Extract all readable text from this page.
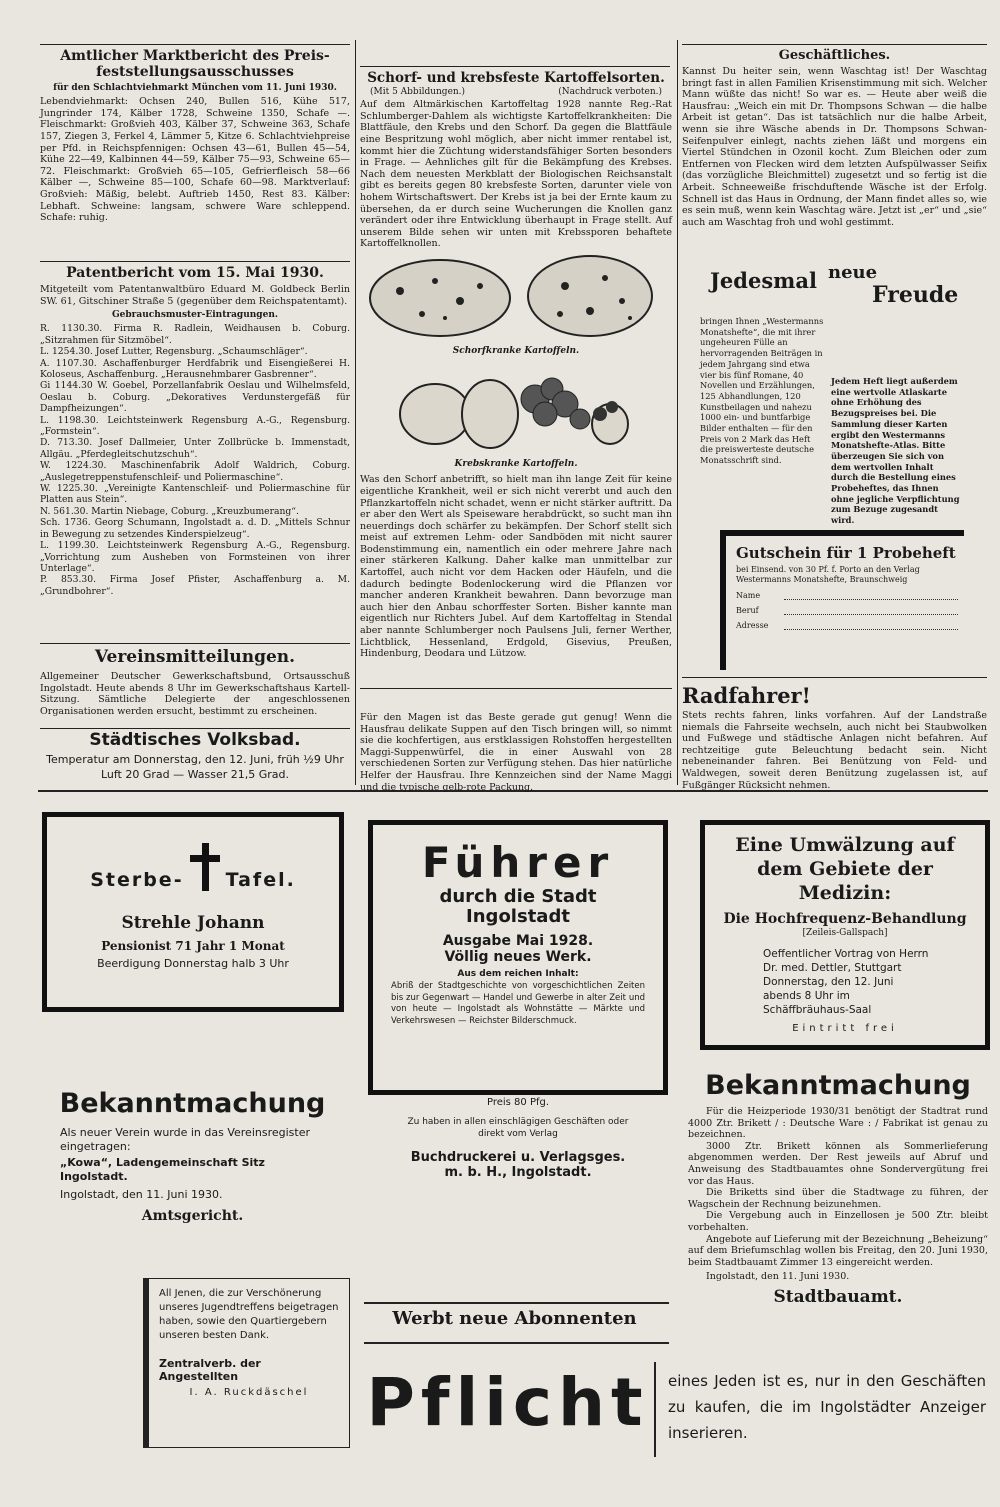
Amtlicher Marktbericht des Preis-
feststellungsausschusses
für den Schlachtviehmarkt München vom 11. Juni 1930.
Lebendviehmarkt: Ochsen 240, Bullen 516, Kühe 517, Jungrinder 174, Kälber 1728, Schweine 1350, Schafe —. Fleischmarkt: Großvieh 403, Kälber 37, Schweine 363, Schafe 157, Ziegen 3, Ferkel 4, Lämmer 5, Kitze 6. Schlachtviehpreise per Pfd. in Reichspfennigen: Ochsen 43—61, Bullen 45—54, Kühe 22—49, Kalbinnen 44—59, Kälber 75—93, Schweine 65—72. Fleischmarkt: Großvieh 65—105, Gefrierfleisch 58—66 Kälber —, Schweine 85—100, Schafe 60—98. Marktverlauf: Großvieh: Mäßig, belebt. Auftrieb 1450, Rest 83. Kälber: Lebhaft. Schweine: langsam, schwere Ware schleppend. Schafe: ruhig.
Patentbericht vom 15. Mai 1930.
Mitgeteilt vom Patentanwaltbüro Eduard M. Goldbeck Berlin SW. 61, Gitschiner Straße 5 (gegenüber dem Reichspatentamt).
Gebrauchsmuster-Eintragungen.
R. 1130.30. Firma R. Radlein, Weidhausen b. Coburg. „Sitzrahmen für Sitzmöbel“.
L. 1254.30. Josef Lutter, Regensburg. „Schaumschläger“.
A. 1107.30. Aschaffenburger Herdfabrik und Eisengießerei H. Koloseus, Aschaffenburg. „Herausnehmbarer Gasbrenner“.
Gi 1144.30 W. Goebel, Porzellanfabrik Oeslau und Wilhelmsfeld, Oeslau b. Coburg. „Dekoratives Verdunstergefäß für Dampfheizungen“.
L. 1198.30. Leichtsteinwerk Regensburg A.-G., Regensburg. „Formstein“.
D. 713.30. Josef Dallmeier, Unter Zollbrücke b. Immenstadt, Allgäu. „Pferdegleitschutzschuh“.
W. 1224.30. Maschinenfabrik Adolf Waldrich, Coburg. „Auslegetreppenstufenschleif- und Poliermaschine“.
W. 1225.30. „Vereinigte Kantenschleif- und Poliermaschine für Platten aus Stein“.
N. 561.30. Martin Niebage, Coburg. „Kreuzbumerang“.
Sch. 1736. Georg Schumann, Ingolstadt a. d. D. „Mittels Schnur in Bewegung zu setzendes Kinderspielzeug“.
L. 1199.30. Leichtsteinwerk Regensburg A.-G., Regensburg. „Vorrichtung zum Ausheben von Formsteinen von ihrer Unterlage“.
P. 853.30. Firma Josef Pfister, Aschaffenburg a. M. „Grundbohrer“.
Vereinsmitteilungen.
Allgemeiner Deutscher Gewerkschaftsbund, Ortsausschuß Ingolstadt. Heute abends 8 Uhr im Gewerkschaftshaus Kartell-Sitzung. Sämtliche Delegierte der angeschlossenen Organisationen werden ersucht, bestimmt zu erscheinen.
Städtisches Volksbad.
Temperatur am Donnerstag, den 12. Juni, früh ½9 Uhr
Luft 20 Grad — Wasser 21,5 Grad.
Schorf- und krebsfeste Kartoffelsorten.
(Mit 5 Abbildungen.)	(Nachdruck verboten.)
Auf dem Altmärkischen Kartoffeltag 1928 nannte Reg.-Rat Schlumberger-Dahlem als wichtigste Kartoffelkrankheiten: Die Blattfäule, den Krebs und den Schorf. Da gegen die Blattfäule eine Bespritzung wohl möglich, aber nicht immer rentabel ist, kommt hier die Züchtung widerstandsfähiger Sorten besonders in Frage. — Aehnliches gilt für die Bekämpfung des Krebses. Nach dem neuesten Merkblatt der Biologischen Reichsanstalt gibt es bereits gegen 80 krebsfeste Sorten, darunter viele von hohem Wirtschaftswert. Der Krebs ist ja bei der Ernte kaum zu übersehen, da er durch seine Wucherungen die Knollen ganz verändert oder ihre Entwicklung überhaupt in Frage stellt. Auf unserem Bilde sehen wir unten mit Krebssporen behaftete Kartoffelknollen.
Schorfkranke Kartoffeln.
Krebskranke Kartoffeln.
Was den Schorf anbetrifft, so hielt man ihn lange Zeit für keine eigentliche Krankheit, weil er sich nicht vererbt und auch den Pflanzkartoffeln nicht schadet, wenn er nicht stärker auftritt. Da er aber den Wert als Speiseware herabdrückt, so sucht man ihn neuerdings doch schärfer zu bekämpfen. Der Schorf stellt sich meist auf extremen Lehm- oder Sandböden mit nicht saurer Bodenstimmung ein, namentlich ein oder mehrere Jahre nach einer stärkeren Kalkung. Daher kalke man unmittelbar zur Kartoffel, auch nicht vor dem Hacken oder Häufeln, und die dadurch bedingte Bodenlockerung wird die Pflanzen vor mancher anderen Krankheit bewahren. Dann bevorzuge man auch hier den Anbau schorffester Sorten. Bisher kannte man eigentlich nur Richters Jubel. Auf dem Kartoffeltag in Stendal aber nannte Schlumberger noch Paulsens Juli, ferner Werther, Lichtblick, Hessenland, Erdgold, Gisevius, Preußen, Hindenburg, Deodara und Lützow.
Für den Magen ist das Beste gerade gut genug! Wenn die Hausfrau delikate Suppen auf den Tisch bringen will, so nimmt sie die kochfertigen, aus erstklassigen Rohstoffen hergestellten Maggi-Suppenwürfel, die in einer Auswahl von 28 verschiedenen Sorten zur Verfügung stehen. Das hier natürliche Helfer der Hausfrau. Ihre Kennzeichen sind der Name Maggi und die typische gelb-rote Packung.
Geschäftliches.
Kannst Du heiter sein, wenn Waschtag ist! Der Waschtag bringt fast in allen Familien Krisenstimmung mit sich. Welcher Mann wüßte das nicht! So war es. — Heute aber weiß die Hausfrau: „Weich ein mit Dr. Thompsons Schwan — die halbe Arbeit ist getan“. Das ist tatsächlich nur die halbe Arbeit, wenn sie ihre Wäsche abends in Dr. Thompsons Schwan-Seifenpulver einlegt, nachts ziehen läßt und morgens ein Viertel Stündchen in Ozonil kocht. Zum Bleichen oder zum Entfernen von Flecken wird dem letzten Aufspülwasser Seifix (das vorzügliche Bleichmittel) zugesetzt und so fertig ist die Arbeit. Schneeweiße frischduftende Wäsche ist der Erfolg. Schnell ist das Haus in Ordnung, der Mann findet alles so, wie es sein muß, wenn kein Waschtag wäre. Jetzt ist „er“ und „sie“ auch am Waschtag froh und wohl gestimmt.
Jedesmal neue
Freude
bringen Ihnen „Westermanns Monatshefte“, die mit ihrer ungeheuren Fülle an hervorragenden Beiträgen in jedem Jahrgang sind etwa vier bis fünf Romane, 40 Novellen und Erzählungen, 125 Abhandlungen, 120 Kunstbeilagen und nahezu 1000 ein- und buntfarbige Bilder enthalten — für den Preis von 2 Mark das Heft die preiswerteste deutsche Monatsschrift sind.
Jedem Heft liegt außerdem eine wertvolle Atlaskarte ohne Erhöhung des Bezugspreises bei. Die Sammlung dieser Karten ergibt den Westermanns Monatshefte-Atlas. Bitte überzeugen Sie sich von dem wertvollen Inhalt durch die Bestellung eines Probeheftes, das Ihnen ohne jegliche Verpflichtung zum Bezuge zugesandt wird.
Gutschein für 1 Probeheft
bei Einsend. von 30 Pf. f. Porto an den Verlag Westermanns Monatshefte, Braunschweig
Name
Beruf
Adresse
Radfahrer!
Stets rechts fahren, links vorfahren. Auf der Landstraße niemals die Fahrseite wechseln, auch nicht bei Staubwolken und Fußwege und städtische Anlagen nicht befahren. Auf rechtzeitige gute Beleuchtung bedacht sein. Nicht nebeneinander fahren. Bei Benützung von Feld- und Waldwegen, soweit deren Benützung zugelassen ist, auf Fußgänger Rücksicht nehmen.
Sterbe- Tafel.
Strehle Johann
Pensionist 71 Jahr 1 Monat
Beerdigung Donnerstag halb 3 Uhr
Bekanntmachung
Als neuer Verein wurde in das Vereinsregister eingetragen:
„Kowa“, Ladengemeinschaft Sitz Ingolstadt.
Ingolstadt, den 11. Juni 1930.
Amtsgericht.
All Jenen, die zur Verschönerung unseres Jugendtreffens beigetragen haben, sowie den Quartiergebern unseren besten Dank.
Zentralverb. der Angestellten
I. A. Ruckdäschel
Führer
durch die Stadt
Ingolstadt
Ausgabe Mai 1928.
Völlig neues Werk.
Aus dem reichen Inhalt:
Abriß der Stadtgeschichte von vorgeschichtlichen Zeiten bis zur Gegenwart — Handel und Gewerbe in alter Zeit und von heute — Ingolstadt als Wohnstätte — Märkte und Verkehrswesen — Reichster Bilderschmuck.
Preis 80 Pfg.
Zu haben in allen einschlägigen Geschäften oder direkt vom Verlag
Buchdruckerei u. Verlagsges.
m. b. H., Ingolstadt.
Werbt neue Abonnenten
Eine Umwälzung auf
dem Gebiete der Medizin:
Die Hochfrequenz-Behandlung
[Zeileis-Gallspach]
Oeffentlicher Vortrag von Herrn Dr. med. Dettler, Stuttgart Donnerstag, den 12. Juni abends 8 Uhr im Schäffbräuhaus-Saal
Eintritt frei
Bekanntmachung
Für die Heizperiode 1930/31 benötigt der Stadtrat rund 4000 Ztr. Brikett / : Deutsche Ware : / Fabrikat ist genau zu bezeichnen.
3000 Ztr. Brikett können als Sommerlieferung abgenommen werden. Der Rest jeweils auf Abruf und Anweisung des Stadtbauamtes ohne Sondervergütung frei vor das Haus.
Die Briketts sind über die Stadtwage zu führen, der Wagschein der Rechnung beizunehmen.
Die Vergebung auch in Einzellosen je 500 Ztr. bleibt vorbehalten.
Angebote auf Lieferung mit der Bezeichnung „Beheizung“ auf dem Briefumschlag wollen bis Freitag, den 20. Juni 1930, beim Stadtbauamt Zimmer 13 eingereicht werden.
Ingolstadt, den 11. Juni 1930.
Stadtbauamt.
Pflicht	eines Jeden ist es, nur in den Geschäften zu kaufen, die im Ingolstädter Anzeiger inserieren.
